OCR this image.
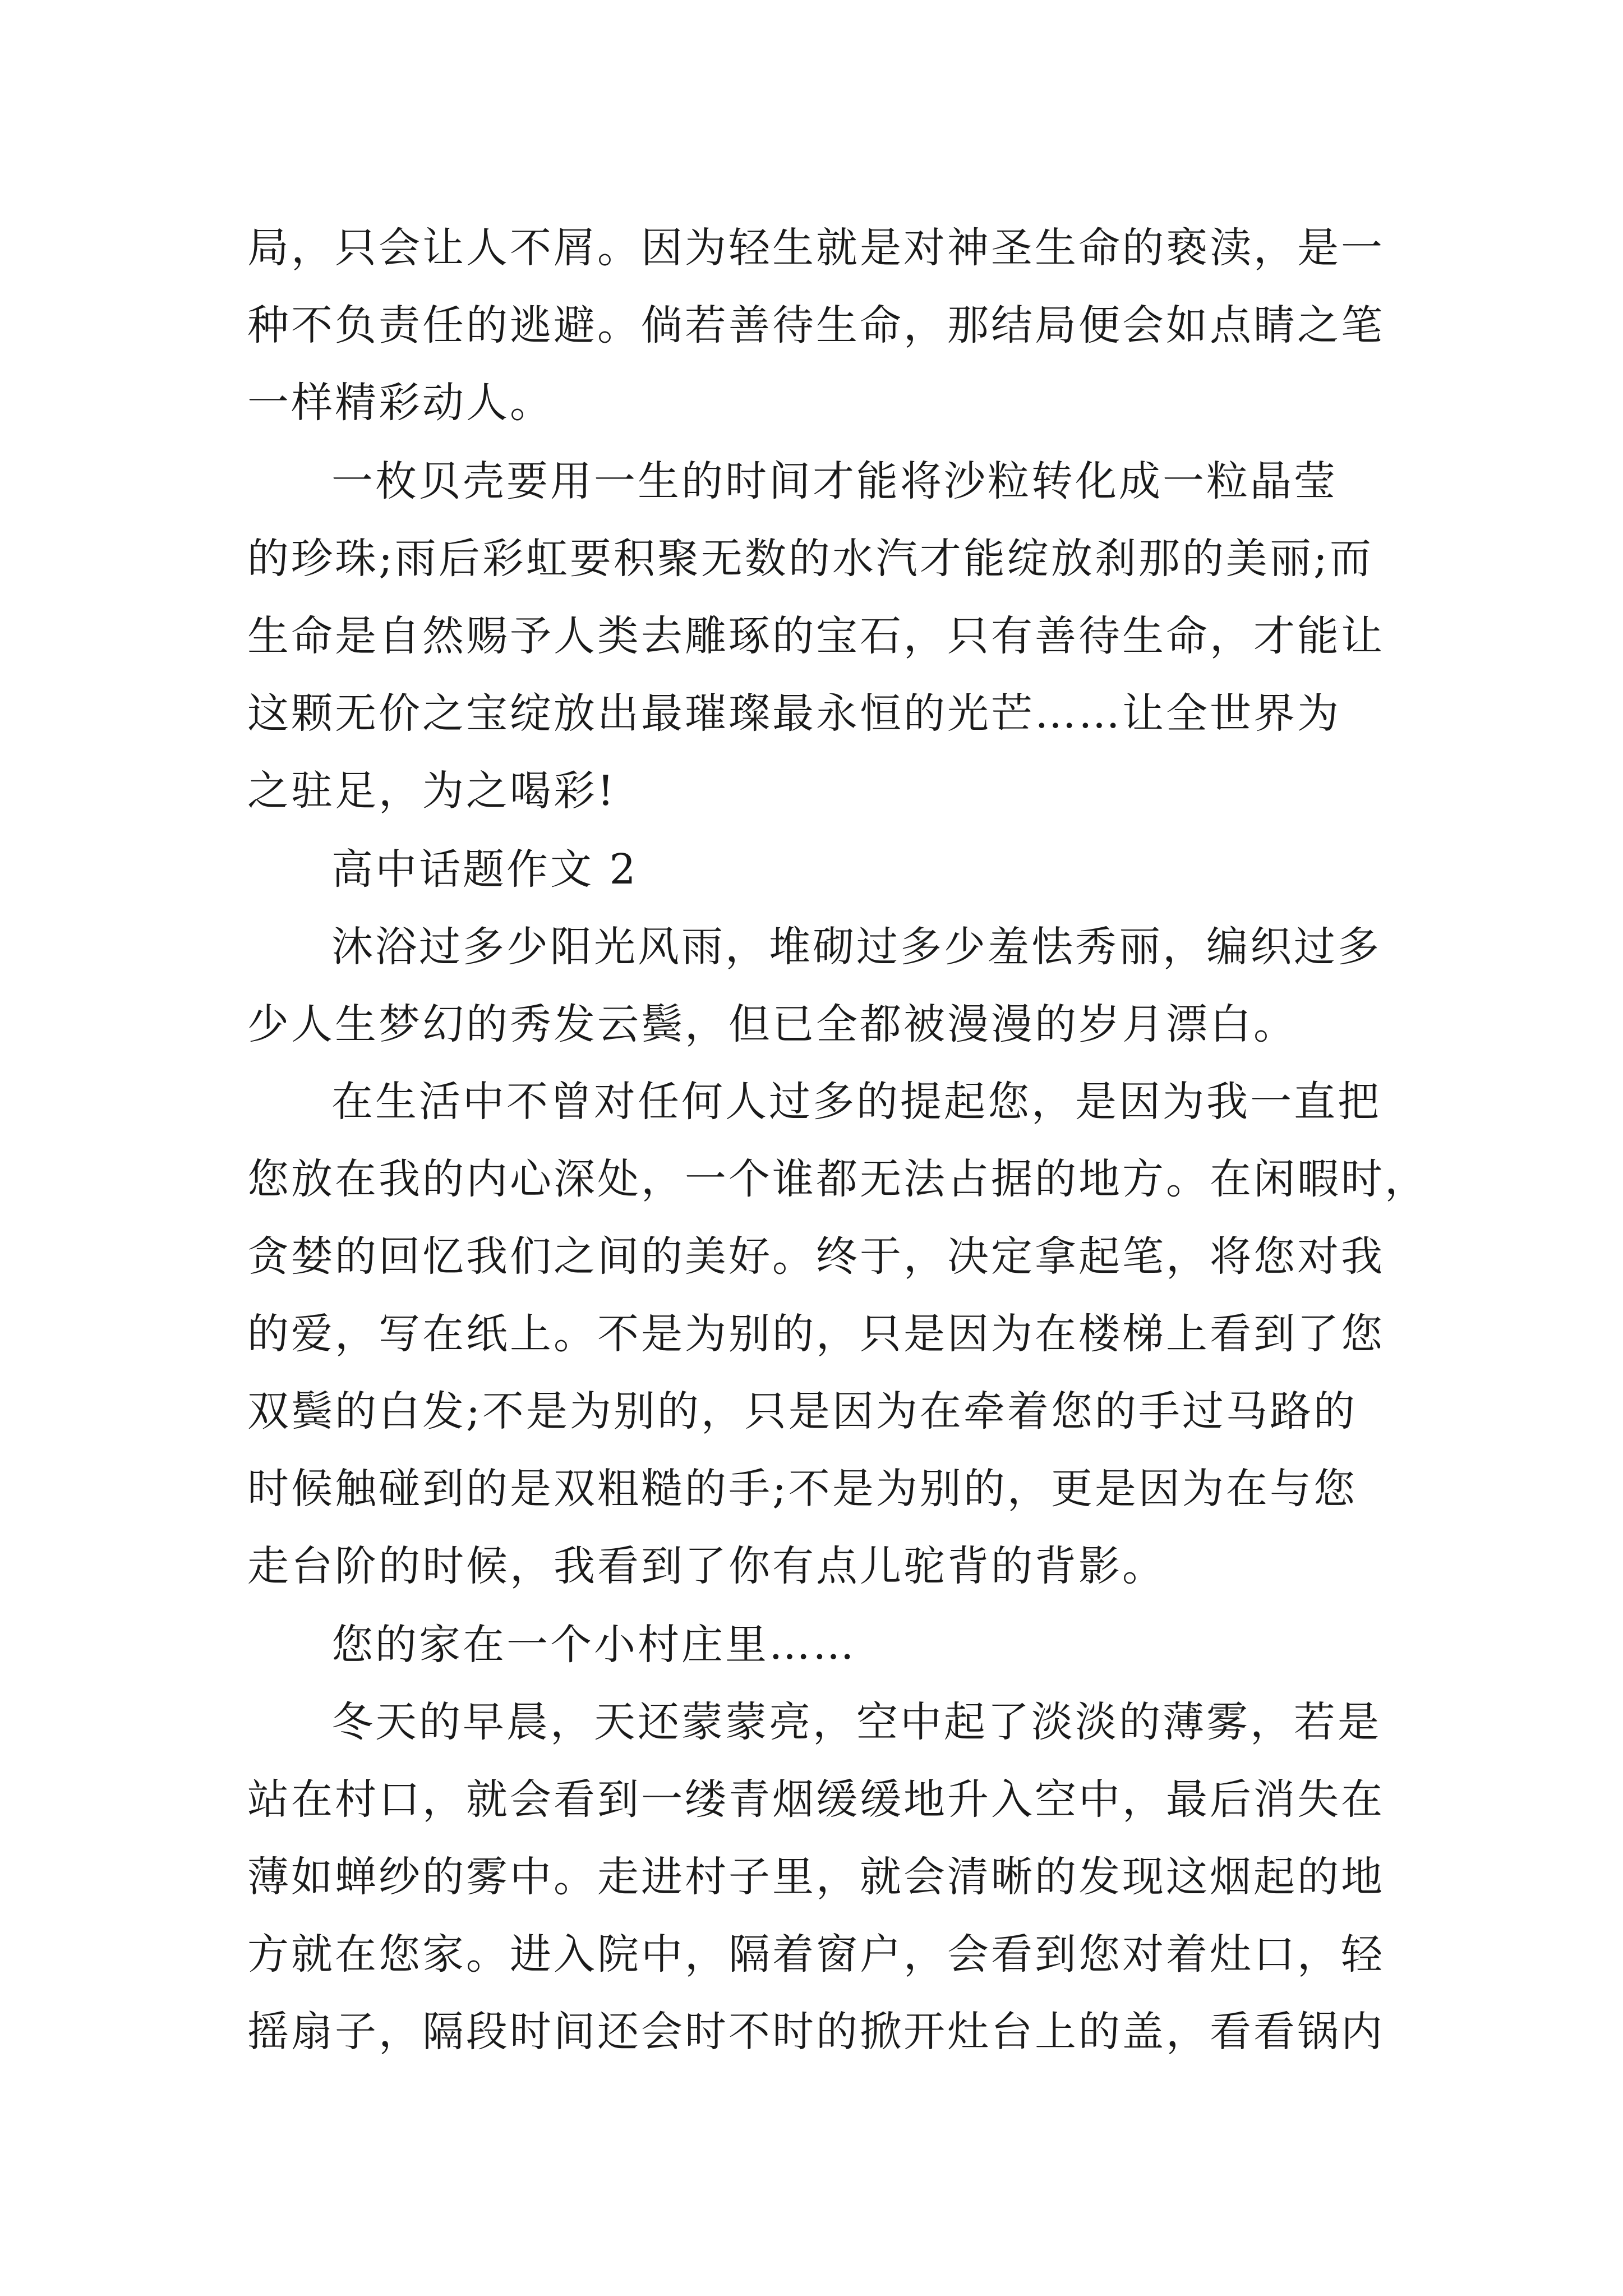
局，只会让人不屑。因为轻生就是对神圣生命的亵渎，是一
种不负责任的逃避。倘若善待生命，那结局便会如点睛之笔
一样精彩动人。
一枚贝壳要用一生的时间才能将沙粒转化成一粒晶莹
的珍珠;雨后彩虹要积聚无数的水汽才能绽放刹那的美丽;而
生命是自然赐予人类去雕琢的宝石，只有善待生命，才能让
这颗无价之宝绽放出最璀璨最永恒的光芒……让全世界为
之驻足，为之喝彩!
高中话题作文 2
沐浴过多少阳光风雨，堆砌过多少羞怯秀丽，编织过多
少人生梦幻的秀发云鬓，但已全都被漫漫的岁月漂白。
在生活中不曾对任何人过多的提起您，是因为我一直把
您放在我的内心深处，一个谁都无法占据的地方。在闲暇时，
贪婪的回忆我们之间的美好。终于，决定拿起笔，将您对我
的爱，写在纸上。不是为别的，只是因为在楼梯上看到了您
双鬓的白发;不是为别的，只是因为在牵着您的手过马路的
时候触碰到的是双粗糙的手;不是为别的，更是因为在与您
走台阶的时候，我看到了你有点儿驼背的背影。
您的家在一个小村庄里……
冬天的早晨，天还蒙蒙亮，空中起了淡淡的薄雾，若是
站在村口，就会看到一缕青烟缓缓地升入空中，最后消失在
薄如蝉纱的雾中。走进村子里，就会清晰的发现这烟起的地
方就在您家。进入院中，隔着窗户，会看到您对着灶口，轻
摇扇子，隔段时间还会时不时的掀开灶台上的盖，看看锅内
